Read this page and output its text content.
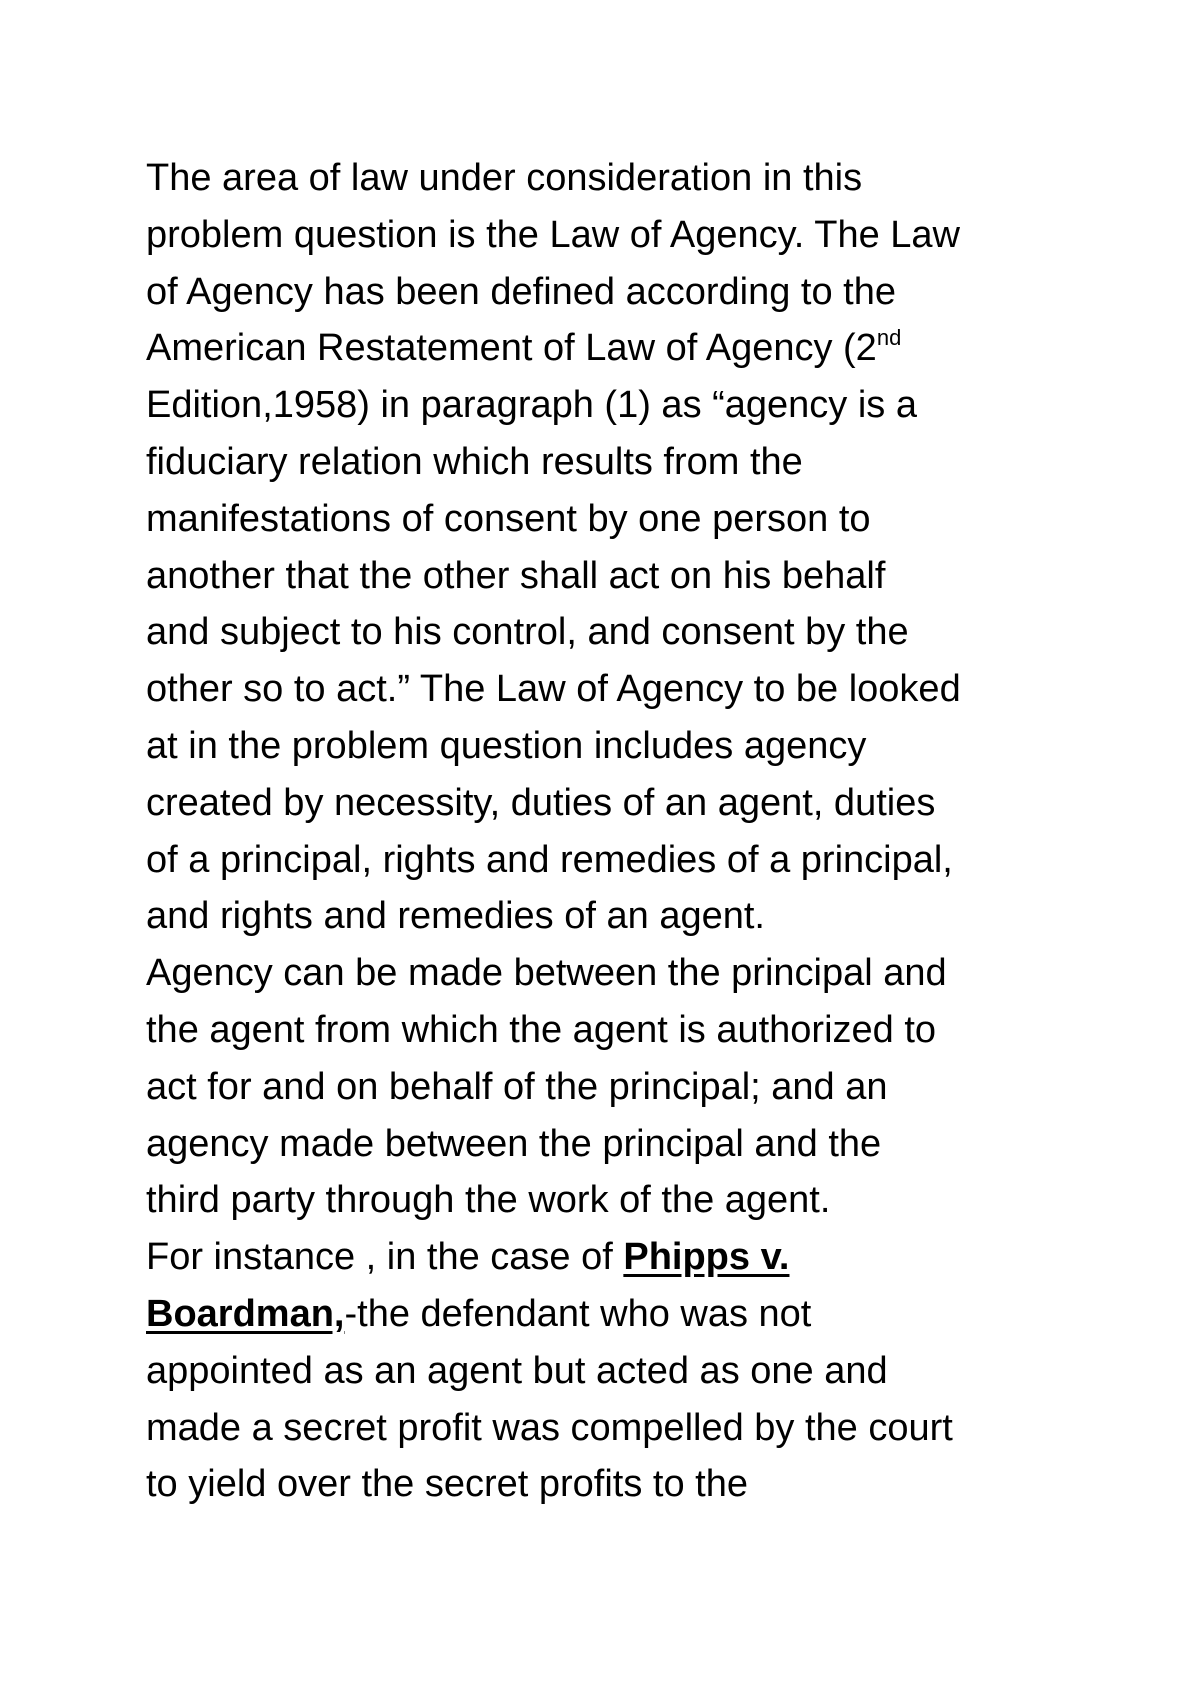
The area of law under consideration in this
problem question is the Law of Agency. The Law
of Agency has been defined according to the
American Restatement of Law of Agency (2nd
Edition,1958) in paragraph (1) as “agency is a
fiduciary relation which results from the
manifestations of consent by one person to
another that the other shall act on his behalf
and subject to his control, and consent by the
other so to act.” The Law of Agency to be looked
at in the problem question includes agency
created by necessity, duties of an agent, duties
of a principal, rights and remedies of a principal,
and rights and remedies of an agent.
Agency can be made between the principal and
the agent from which the agent is authorized to
act for and on behalf of the principal; and an
agency made between the principal and the
third party through the work of the agent.
For instance , in the case of Phipps v.
Boardman,-the defendant who was not
appointed as an agent but acted as one and
made a secret profit was compelled by the court
to yield over the secret profits to the
